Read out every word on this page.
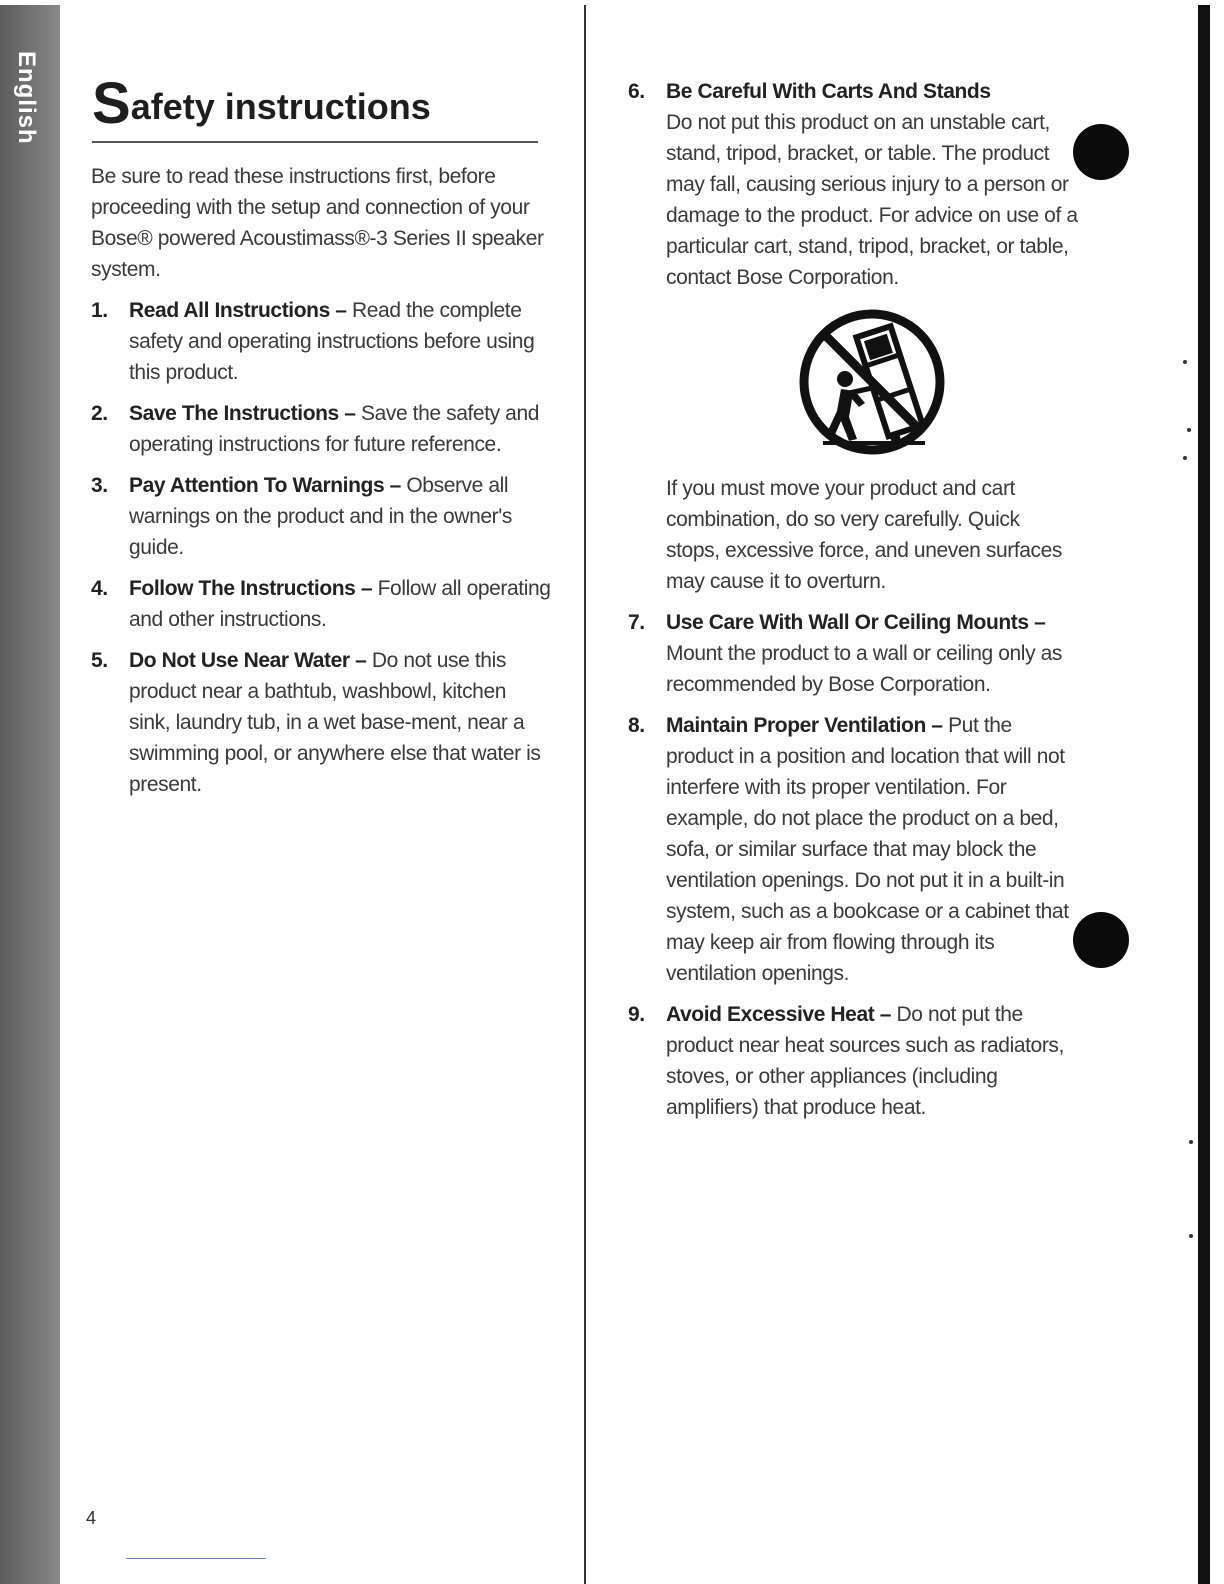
English Safety instructions

Be sure to read these instructions first, before proceeding with the setup and connection of your Bose® powered Acoustimass®-3 Series II speaker system.

1.	Read All Instructions – Read the complete safety and operating instructions before using this product.

2.	Save The Instructions – Save the safety and operating instructions for future reference.

3.	Pay Attention To Warnings – Observe all warnings on the product and in the owner's guide.

4.	Follow The Instructions – Follow all operating and other instructions.

5.	Do Not Use Near Water – Do not use this product near a bathtub, washbowl, kitchen sink, laundry tub, in a wet base-ment, near a swimming pool, or anywhere else that water is present.

6.	Be Careful With Carts And Stands

Do not put this product on an unstable cart, stand, tripod, bracket, or table. The product may fall, causing serious injury to a person or damage to the product. For advice on use of a particular cart, stand, tripod, bracket, or table, contact Bose Corporation.

If you must move your product and cart combination, do so very carefully. Quick stops, excessive force, and uneven surfaces may cause it to overturn.

7.	Use Care With Wall Or Ceiling Mounts – Mount the product to a wall or ceiling only as recommended by Bose Corporation.

8.	Maintain Proper Ventilation – Put the product in a position and location that will not interfere with its proper ventilation. For example, do not place the product on a bed, sofa, or similar surface that may block the ventilation openings. Do not put it in a built-in system, such as a bookcase or a cabinet that may keep air from flowing through its ventilation openings.

9.	Avoid Excessive Heat – Do not put the product near heat sources such as radiators, stoves, or other appliances (including amplifiers) that produce heat.

4
